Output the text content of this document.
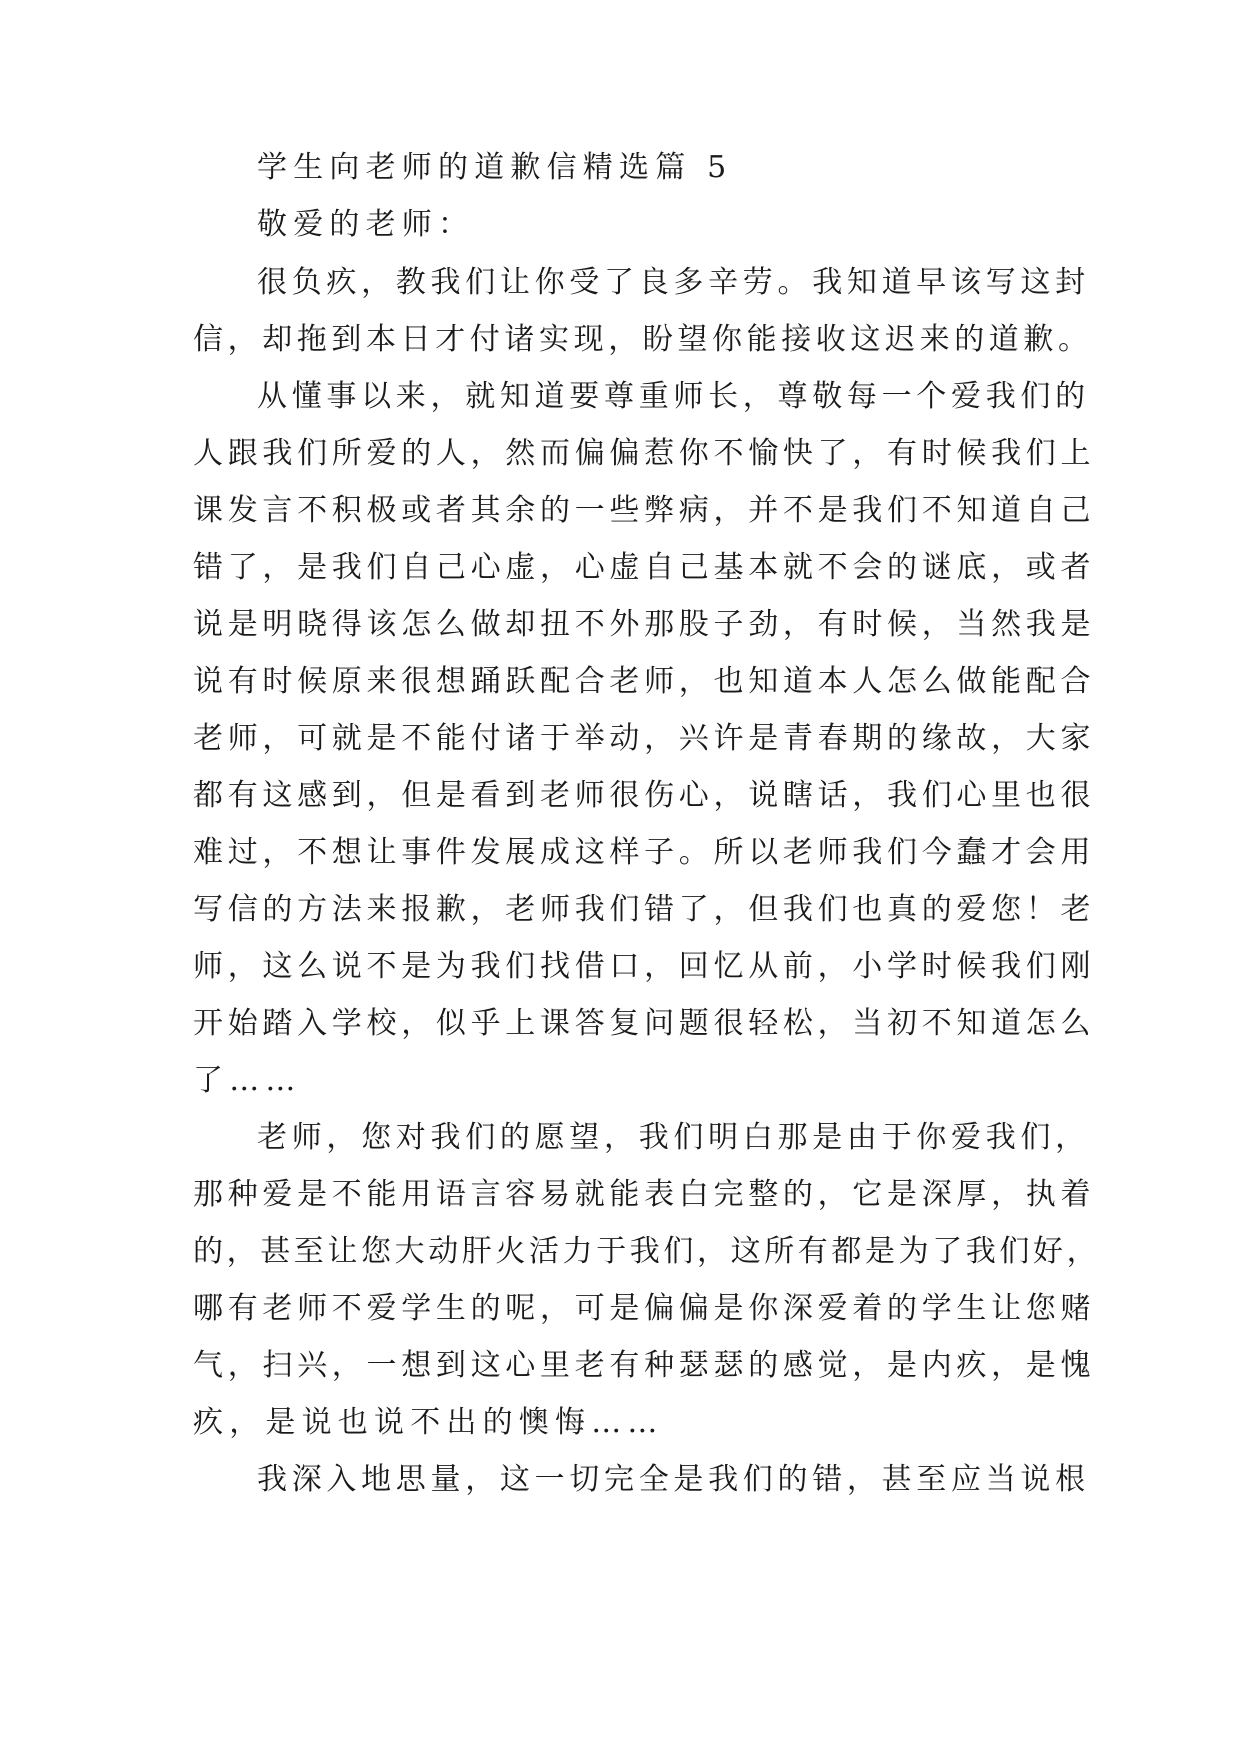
学生向老师的道歉信精选篇 5
敬爱的老师：
很负疚，教我们让你受了良多辛劳。我知道早该写这封
信，却拖到本日才付诸实现，盼望你能接收这迟来的道歉。
从懂事以来，就知道要尊重师长，尊敬每一个爱我们的
人跟我们所爱的人，然而偏偏惹你不愉快了，有时候我们上
课发言不积极或者其余的一些弊病，并不是我们不知道自己
错了，是我们自己心虚，心虚自己基本就不会的谜底，或者
说是明晓得该怎么做却扭不外那股子劲，有时候，当然我是
说有时候原来很想踊跃配合老师，也知道本人怎么做能配合
老师，可就是不能付诸于举动，兴许是青春期的缘故，大家
都有这感到，但是看到老师很伤心，说瞎话，我们心里也很
难过，不想让事件发展成这样子。所以老师我们今蠢才会用
写信的方法来报歉，老师我们错了，但我们也真的爱您！老
师，这么说不是为我们找借口，回忆从前，小学时候我们刚
开始踏入学校，似乎上课答复问题很轻松，当初不知道怎么
了……
老师，您对我们的愿望，我们明白那是由于你爱我们，
那种爱是不能用语言容易就能表白完整的，它是深厚，执着
的，甚至让您大动肝火活力于我们，这所有都是为了我们好，
哪有老师不爱学生的呢，可是偏偏是你深爱着的学生让您赌
气，扫兴，一想到这心里老有种瑟瑟的感觉，是内疚，是愧
疚，是说也说不出的懊悔……
我深入地思量，这一切完全是我们的错，甚至应当说根
